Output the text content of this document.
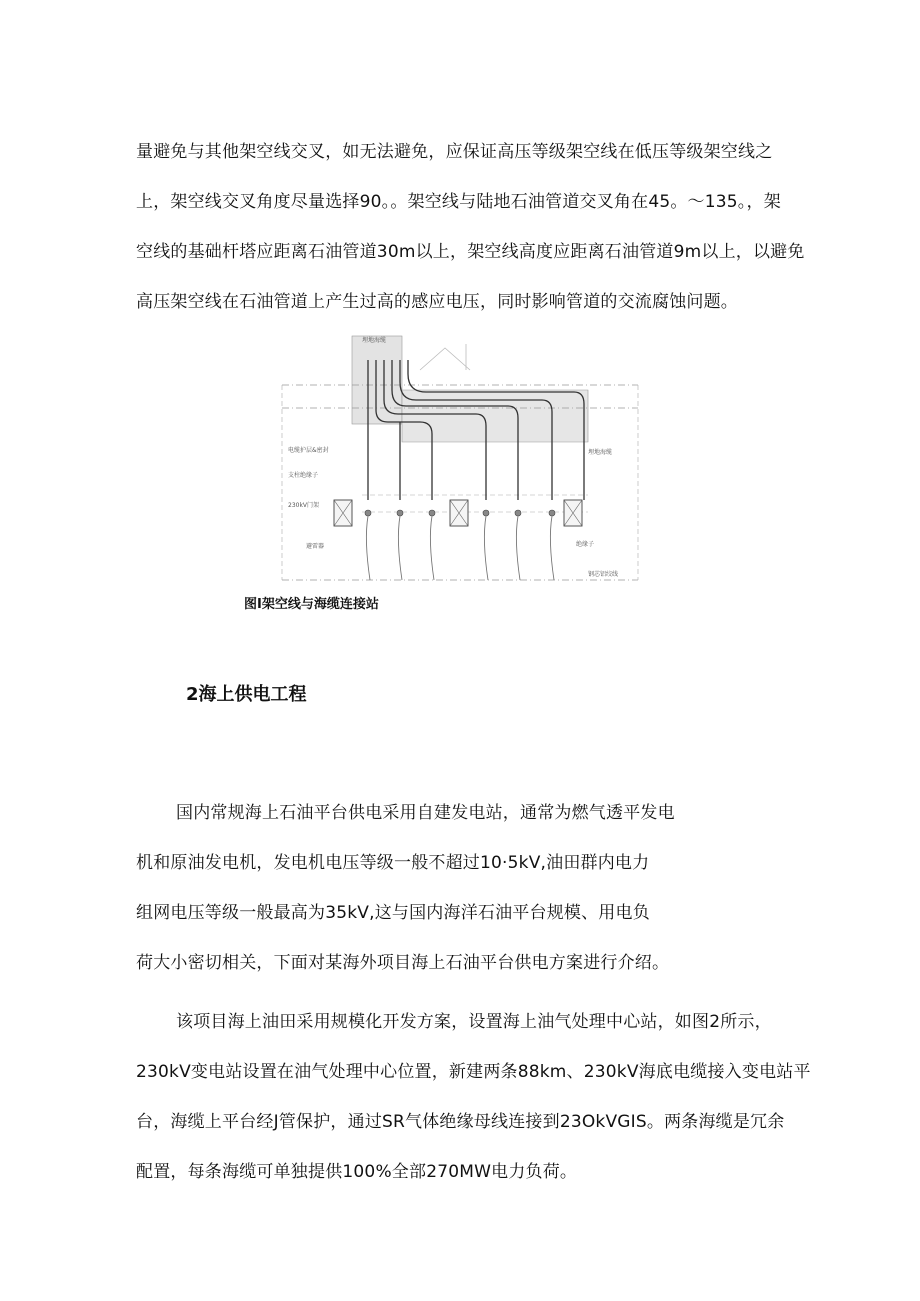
量避免与其他架空线交叉，如无法避免，应保证高压等级架空线在低压等级架空线之
上，架空线交叉角度尽量选择90。。架空线与陆地石油管道交叉角在45。～135。，架
空线的基础杆塔应距离石油管道30m以上，架空线高度应距离石油管道9m以上，以避免
高压架空线在石油管道上产生过高的感应电压，同时影响管道的交流腐蚀问题。
埋地海缆
电缆护层&密封
支柱绝缘子
230kV门架
埋地海缆
避雷器	绝缘子
钢芯铝绞线

图I架空线与海缆连接站

2海上供电工程
国内常规海上石油平台供电采用自建发电站，通常为燃气透平发电
机和原油发电机，发电机电压等级一般不超过10·5kV,油田群内电力
组网电压等级一般最高为35kV,这与国内海洋石油平台规模、用电负
荷大小密切相关，下面对某海外项目海上石油平台供电方案进行介绍。
该项目海上油田采用规模化开发方案，设置海上油气处理中心站，如图2所示，
230kV变电站设置在油气处理中心位置，新建两条88km、230kV海底电缆接入变电站平
台，海缆上平台经J管保护，通过SR气体绝缘母线连接到23OkVGIS。两条海缆是冗余
配置，每条海缆可单独提供100%全部270MW电力负荷。
